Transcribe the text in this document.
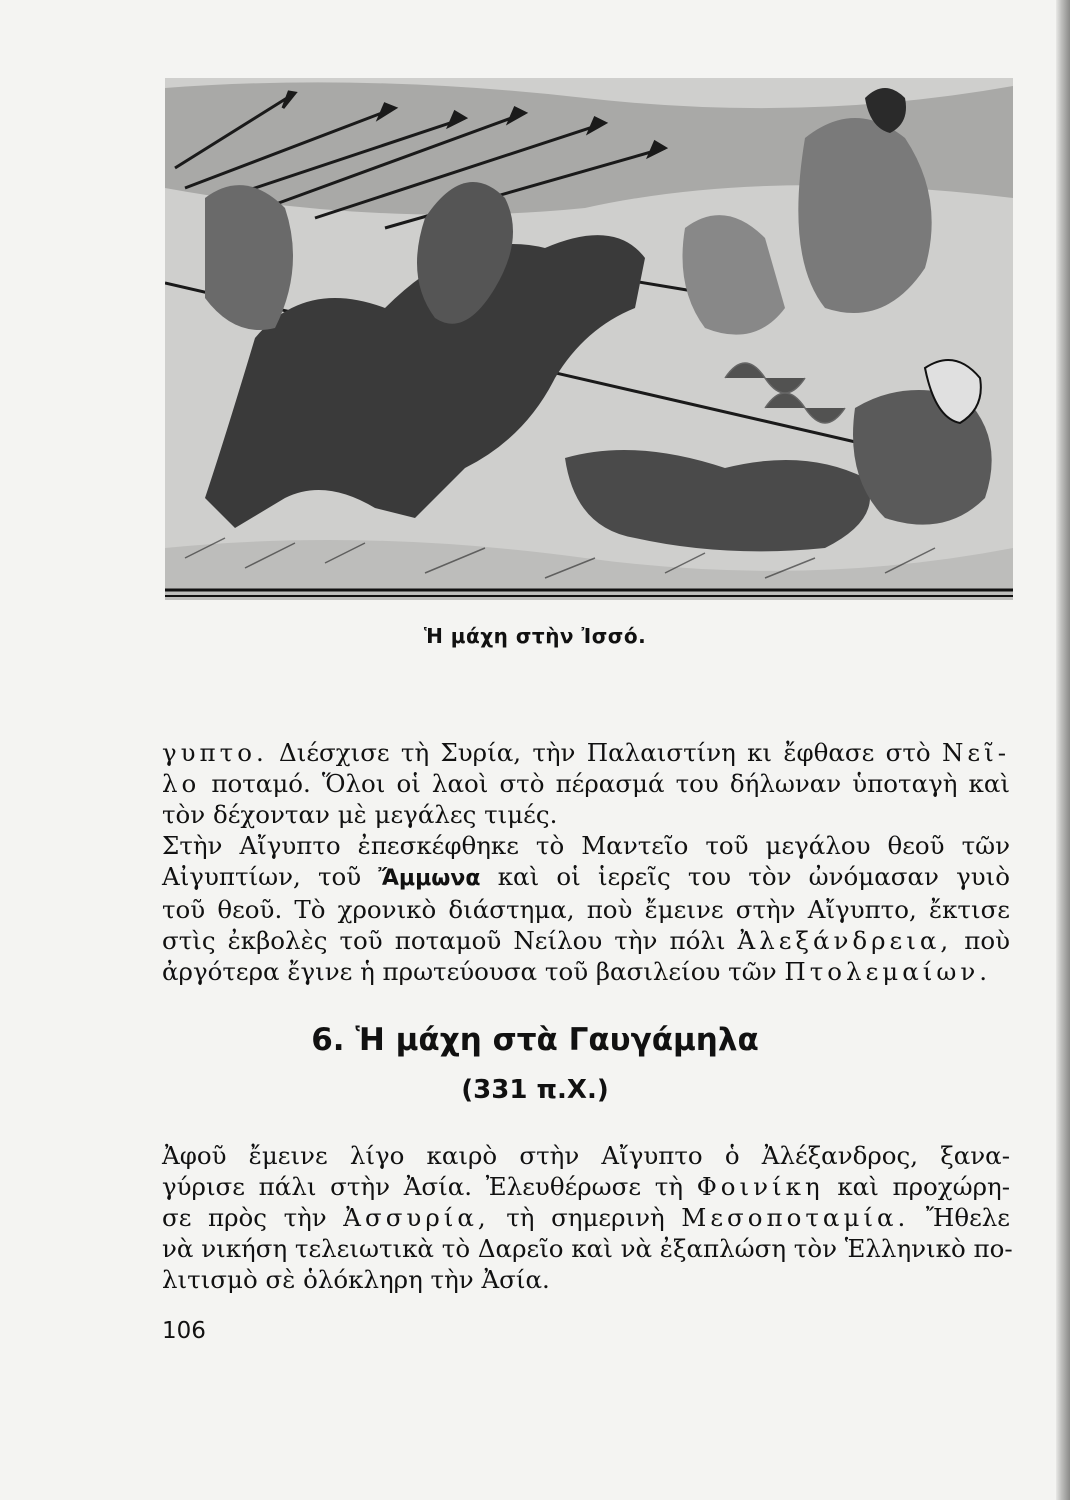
Ἡ μάχη στὴν Ἰσσό.
γυπτο. Διέσχισε τὴ Συρία, τὴν Παλαιστίνη κι ἔφθασε στὸ Νεῖ-
λο ποταμό. Ὅλοι οἱ λαοὶ στὸ πέρασμά του δήλωναν ὑποταγὴ καὶ
τὸν δέχονταν μὲ μεγάλες τιμές.
Στὴν Αἴγυπτο ἐπεσκέφθηκε τὸ Μαντεῖο τοῦ μεγάλου θεοῦ τῶν
Αἰγυπτίων, τοῦ Ἄμμωνα καὶ οἱ ἱερεῖς του τὸν ὠνόμασαν γυιὸ
τοῦ θεοῦ. Τὸ χρονικὸ διάστημα, ποὺ ἔμεινε στὴν Αἴγυπτο, ἔκτισε
στὶς ἐκβολὲς τοῦ ποταμοῦ Νείλου τὴν πόλι Ἀλεξάνδρεια, ποὺ
ἀργότερα ἔγινε ἡ πρωτεύουσα τοῦ βασιλείου τῶν Πτολεμαίων.
6. Ἡ μάχη στὰ Γαυγάμηλα
(331 π.Χ.)
Ἀφοῦ ἔμεινε λίγο καιρὸ στὴν Αἴγυπτο ὁ Ἀλέξανδρος, ξανα-
γύρισε πάλι στὴν Ἀσία. Ἐλευθέρωσε τὴ Φοινίκη καὶ προχώρη-
σε πρὸς τὴν Ἀσσυρία, τὴ σημερινὴ Μεσοποταμία. Ἤθελε
νὰ νικήση τελειωτικὰ τὸ Δαρεῖο καὶ νὰ ἐξαπλώση τὸν Ἑλληνικὸ πο-
λιτισμὸ σὲ ὁλόκληρη τὴν Ἀσία.
106
